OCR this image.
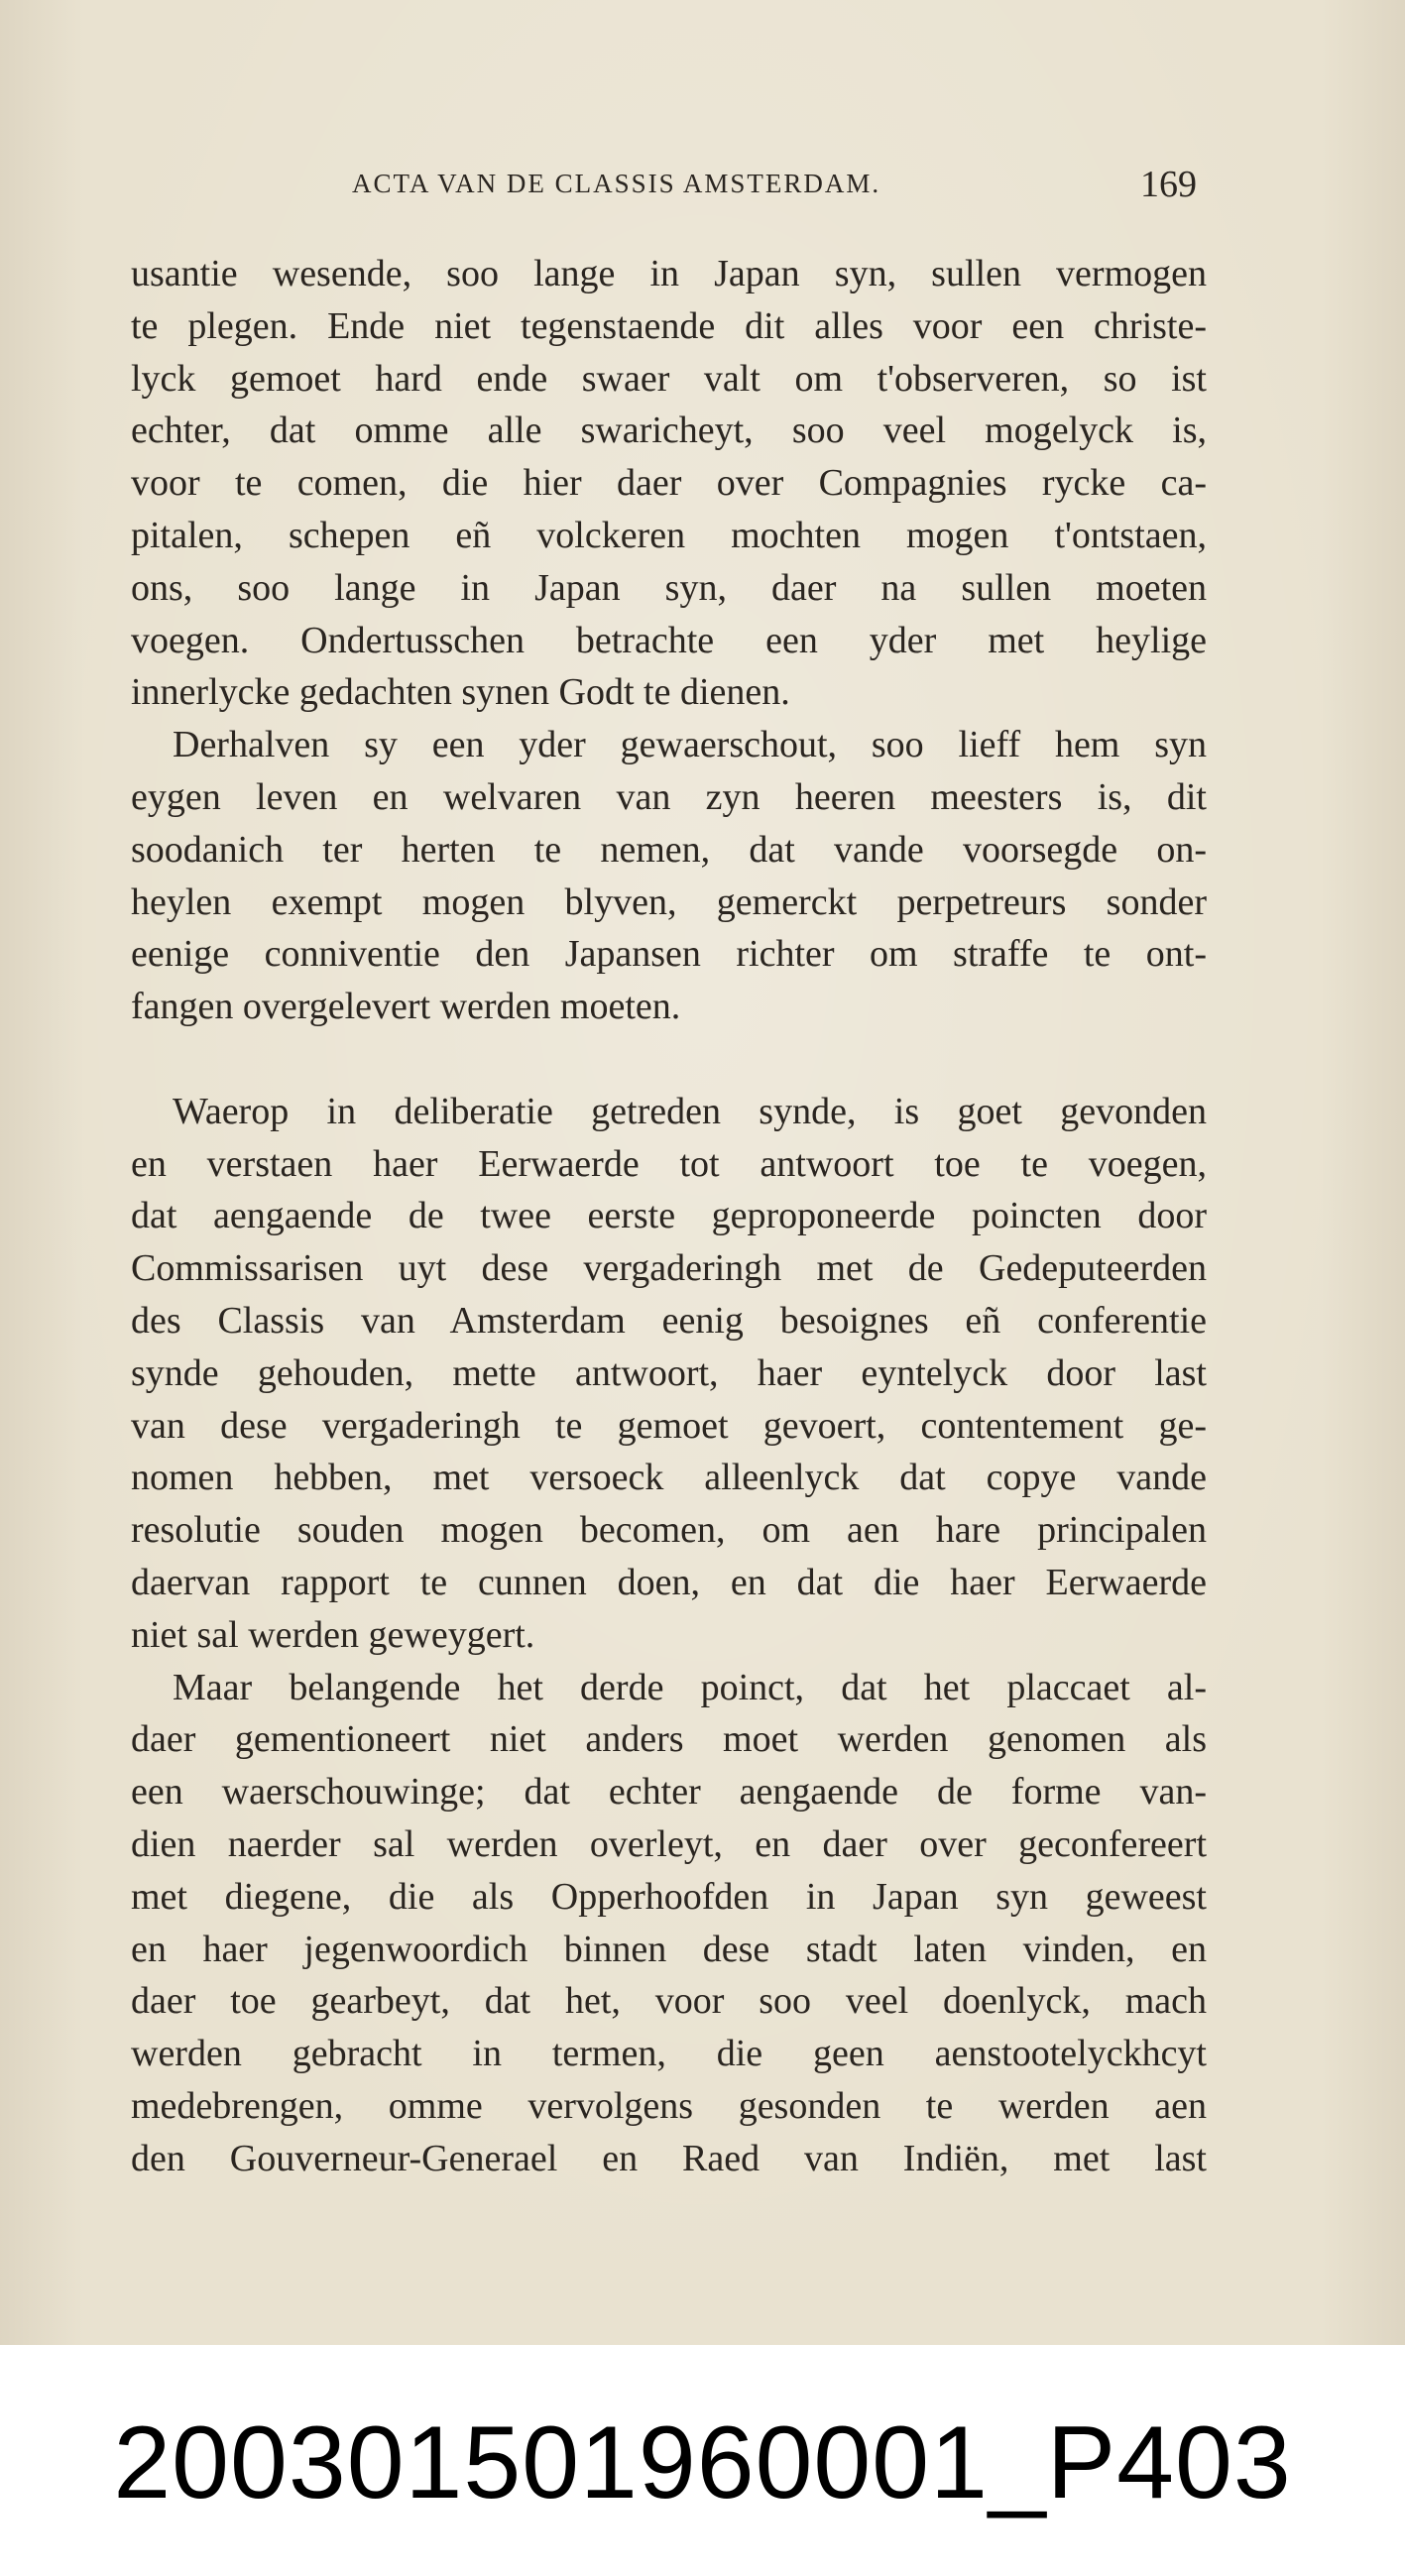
ACTA VAN DE CLASSIS AMSTERDAM.	169
usantie wesende, soo lange in Japan syn, sullen vermogen
te plegen. Ende niet tegenstaende dit alles voor een christe-
lyck gemoet hard ende swaer valt om t'observeren, so ist
echter, dat omme alle swaricheyt, soo veel mogelyck is,
voor te comen, die hier daer over Compagnies rycke ca-
pitalen, schepen eñ volckeren mochten mogen t'ontstaen,
ons, soo lange in Japan syn, daer na sullen moeten
voegen. Ondertusschen betrachte een yder met heylige
innerlycke gedachten synen Godt te dienen.
Derhalven sy een yder gewaerschout, soo lieff hem syn
eygen leven en welvaren van zyn heeren meesters is, dit
soodanich ter herten te nemen, dat vande voorsegde on-
heylen exempt mogen blyven, gemerckt perpetreurs sonder
eenige conniventie den Japansen richter om straffe te ont-
fangen overgelevert werden moeten.
Waerop in deliberatie getreden synde, is goet gevonden
en verstaen haer Eerwaerde tot antwoort toe te voegen,
dat aengaende de twee eerste geproponeerde poincten door
Commissarisen uyt dese vergaderingh met de Gedeputeerden
des Classis van Amsterdam eenig besoignes eñ conferentie
synde gehouden, mette antwoort, haer eyntelyck door last
van dese vergaderingh te gemoet gevoert, contentement ge-
nomen hebben, met versoeck alleenlyck dat copye vande
resolutie souden mogen becomen, om aen hare principalen
daervan rapport te cunnen doen, en dat die haer Eerwaerde
niet sal werden geweygert.
Maar belangende het derde poinct, dat het placcaet al-
daer gementioneert niet anders moet werden genomen als
een waerschouwinge; dat echter aengaende de forme van-
dien naerder sal werden overleyt, en daer over geconfereert
met diegene, die als Opperhoofden in Japan syn geweest
en haer jegenwoordich binnen dese stadt laten vinden, en
daer toe gearbeyt, dat het, voor soo veel doenlyck, mach
werden gebracht in termen, die geen aenstootelyckhcyt
medebrengen, omme vervolgens gesonden te werden aen
den Gouverneur-Generael en Raed van Indiën, met last
20030150196000​1_P403
